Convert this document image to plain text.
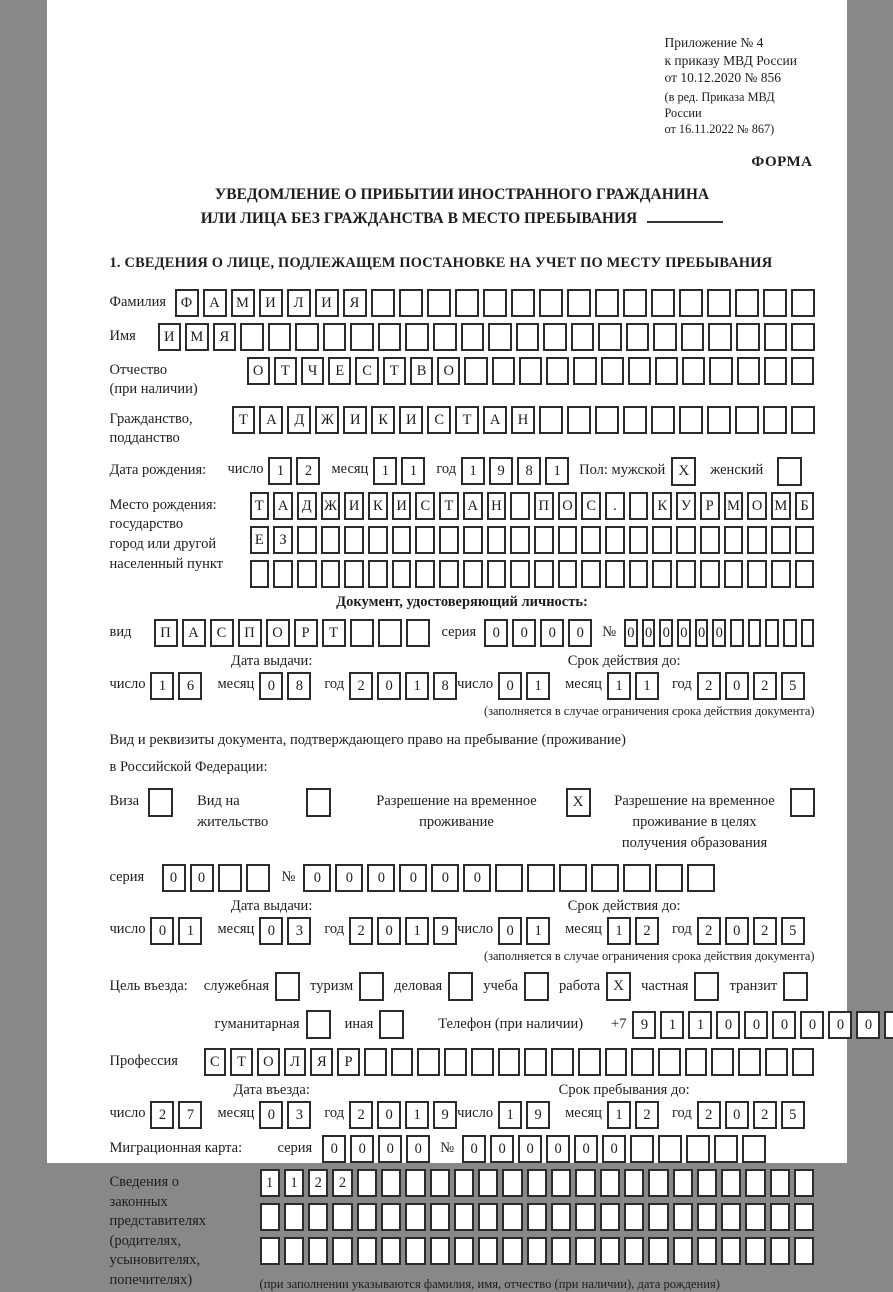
Приложение № 4
к приказу МВД России
от 10.12.2020 № 856
(в ред. Приказа МВД России
от 16.11.2022 № 867)
ФОРМА
УВЕДОМЛЕНИЕ О ПРИБЫТИИ ИНОСТРАННОГО ГРАЖДАНИНА
ИЛИ ЛИЦА БЕЗ ГРАЖДАНСТВА В МЕСТО ПРЕБЫВАНИЯ
1. СВЕДЕНИЯ О ЛИЦЕ, ПОДЛЕЖАЩЕМ ПОСТАНОВКЕ НА УЧЕТ ПО МЕСТУ ПРЕБЫВАНИЯ
Фамилия	Ф	А	М	И	Л	И	Я
Имя	И	М	Я
Отчество
(при наличии)
О	Т	Ч	Е	С	Т	В	О
Гражданство,
подданство
Т	А	Д	Ж	И	К	И	С	Т	А	Н
Дата рождения:	число 1	2	месяц 1	1	год 1	9	8	1	Пол: мужской X	женский
Место рождения:
государство
город или другой
населенный пункт
Т А Д Ж И К И С Т А Н	П О С	.	К У	Р М О М Б
Е	З
Документ, удостоверяющий личность:
вид	П	А	С	П	О	Р	Т	серия	0	0	0	0	№ 0 0 0 0 0 0
Дата выдачи:	Срок действия до:
число 1	6	месяц 0	8	год 2	0	1	8 число 0	1	месяц 1	1	год 2	0	2	5
(заполняется в случае ограничения срока действия документа)
Вид и реквизиты документа, подтверждающего право на пребывание (проживание)
в Российской Федерации:
Виза	Вид на жительство
Разрешение на временное проживание
X	Разрешение на временное проживание в целях получения образования
серия	0	0	№	0	0	0	0	0	0
Дата выдачи:	Срок действия до:
число 0	1	месяц 0	3	год 2	0	1	9 число 0	1	месяц 1	2	год 2	0	2	5
(заполняется в случае ограничения срока действия документа)
Цель въезда: служебная	туризм	деловая	учеба	работа X	частная	транзит
гуманитарная	иная	Телефон (при наличии) +7 9	1	1	0	0	0	0	0	0
Профессия	С	Т	О	Л	Я	Р
Дата въезда:	Срок пребывания до:
число 2	7	месяц 0	3	год 2	0	1	9 число 1	9	месяц 1	2	год 2	0	2	5
Миграционная карта:	серия	0	0	0	0	№	0	0	0	0	0	0
Сведения о
законных
представителях
(родителях,
усыновителях,
попечителях)
1	1	2	2
(при заполнении указываются фамилия, имя, отчество (при наличии), дата рождения)
